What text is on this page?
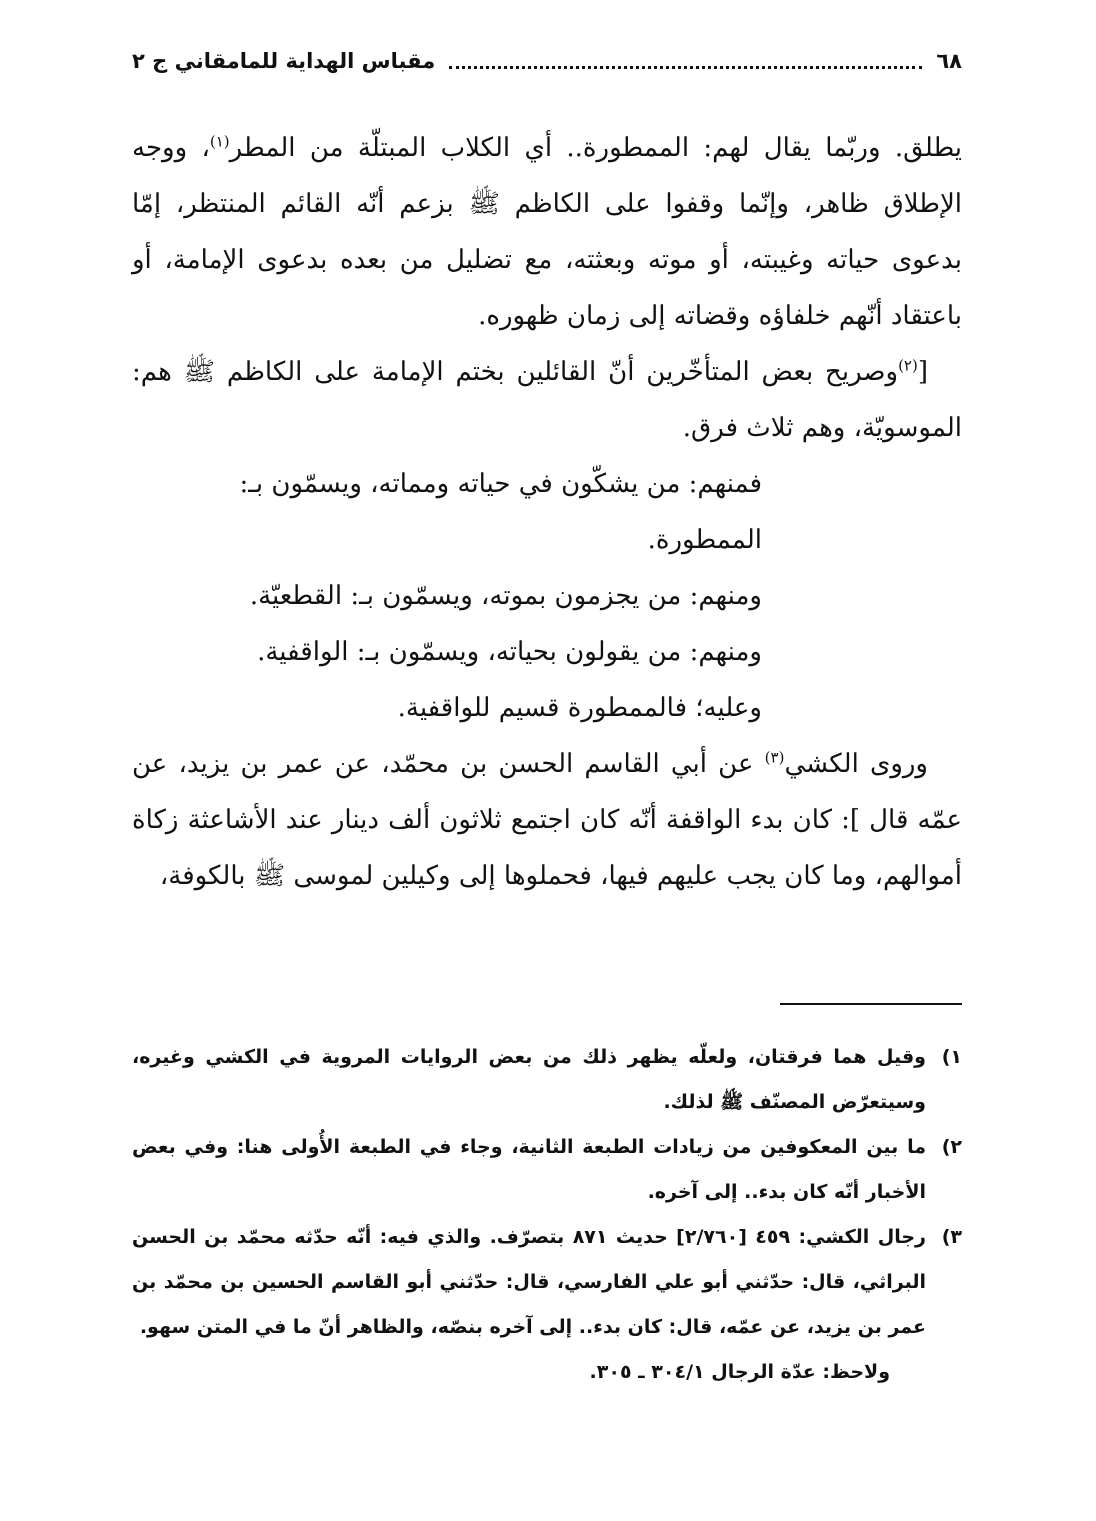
٦٨
مقباس الهداية للمامقاني ج ٢

يطلق. وربّما يقال لهم: الممطورة.. أي الكلاب المبتلّة من المطر$^{(١)}$، ووجه الإطلاق ظاهر، وإنّما وقفوا على الكاظم ﷺ بزعم أنّه القائم المنتظر، إمّا بدعوى حياته وغيبته، أو موته وبعثته، مع تضليل من بعده بدعوى الإمامة، أو باعتقاد أنّهم خلفاؤه وقضاته إلى زمان ظهوره.

[$^{(٢)}$وصريح بعض المتأخّرين أنّ القائلين بختم الإمامة على الكاظم ﷺ هم: الموسويّة، وهم ثلاث فرق.

فمنهم: من يشكّون في حياته ومماته، ويسمّون بـ: الممطورة.

ومنهم: من يجزمون بموته، ويسمّون بـ: القطعيّة.

ومنهم: من يقولون بحياته، ويسمّون بـ: الواقفية.

وعليه؛ فالممطورة قسيم للواقفية.

وروى الكشي$^{(٣)}$ عن أبي القاسم الحسن بن محمّد، عن عمر بن يزيد، عن عمّه قال ]: كان بدء الواقفة أنّه كان اجتمع ثلاثون ألف دينار عند الأشاعثة زكاة أموالهم، وما كان يجب عليهم فيها، فحملوها إلى وكيلين لموسى ﷺ بالكوفة،

١)
وقيل هما فرقتان، ولعلّه يظهر ذلك من بعض الروايات المروية في الكشي وغيره، وسيتعرّض المصنّف ﷺ لذلك.
٢)
ما بين المعكوفين من زيادات الطبعة الثانية، وجاء في الطبعة الأُولى هنا: وفي بعض الأخبار أنّه كان بدء.. إلى آخره.
٣)
رجال الكشي: ٤٥٩ [٢/٧٦٠] حديث ٨٧١ بتصرّف. والذي فيه: أنّه حدّثه محمّد بن الحسن البراثي، قال: حدّثني أبو علي الفارسي، قال: حدّثني أبو القاسم الحسين بن محمّد بن عمر بن يزيد، عن عمّه، قال: كان بدء.. إلى آخره بنصّه، والظاهر أنّ ما في المتن سهو.
ولاحظ: عدّة الرجال ٣٠٤/١ ـ ٣٠٥.
